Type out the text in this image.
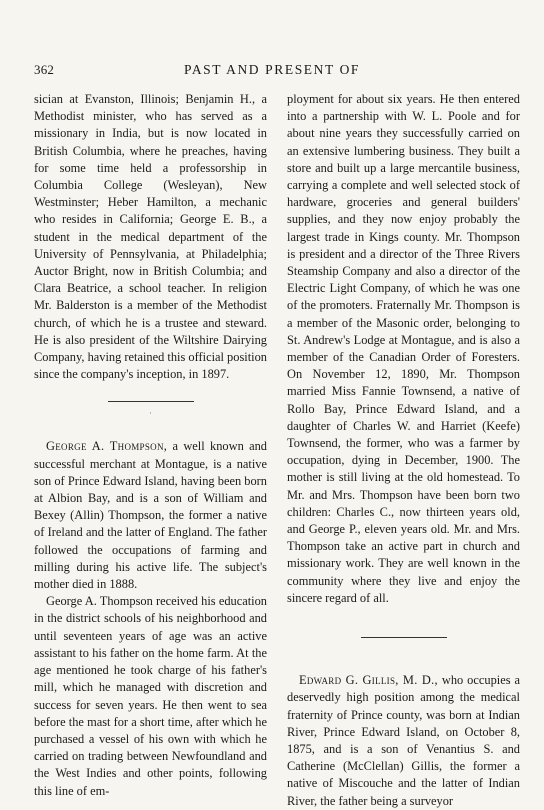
362	PAST AND PRESENT OF

sician at Evanston, Illinois; Benjamin H., a Methodist minister, who has served as a missionary in India, but is now located in British Columbia, where he preaches, having for some time held a professorship in Columbia College (Wesleyan), New Westminster; Heber Hamilton, a mechanic who resides in California; George E. B., a student in the medical department of the University of Pennsylvania, at Philadelphia; Auctor Bright, now in British Columbia; and Clara Beatrice, a school teacher. In religion Mr. Balderston is a member of the Methodist church, of which he is a trustee and steward. He is also president of the Wiltshire Dairying Company, having retained this official position since the company's inception, in 1897.

·

George A. Thompson, a well known and successful merchant at Montague, is a native son of Prince Edward Island, having been born at Albion Bay, and is a son of William and Bexey (Allin) Thompson, the former a native of Ireland and the latter of England. The father followed the occupations of farming and milling during his active life. The subject's mother died in 1888.

George A. Thompson received his education in the district schools of his neighborhood and until seventeen years of age was an active assistant to his father on the home farm. At the age mentioned he took charge of his father's mill, which he managed with discretion and success for seven years. He then went to sea before the mast for a short time, after which he purchased a vessel of his own with which he carried on trading between Newfoundland and the West Indies and other points, following this line of em-

ployment for about six years. He then entered into a partnership with W. L. Poole and for about nine years they successfully carried on an extensive lumbering business. They built a store and built up a large mercantile business, carrying a complete and well selected stock of hardware, groceries and general builders' supplies, and they now enjoy probably the largest trade in Kings county. Mr. Thompson is president and a director of the Three Rivers Steamship Company and also a director of the Electric Light Company, of which he was one of the promoters. Fraternally Mr. Thompson is a member of the Masonic order, belonging to St. Andrew's Lodge at Montague, and is also a member of the Canadian Order of Foresters. On November 12, 1890, Mr. Thompson married Miss Fannie Townsend, a native of Rollo Bay, Prince Edward Island, and a daughter of Charles W. and Harriet (Keefe) Townsend, the former, who was a farmer by occupation, dying in December, 1900. The mother is still living at the old homestead. To Mr. and Mrs. Thompson have been born two children: Charles C., now thirteen years old, and George P., eleven years old. Mr. and Mrs. Thompson take an active part in church and missionary work. They are well known in the community where they live and enjoy the sincere regard of all.

Edward G. Gillis, M. D., who occupies a deservedly high position among the medical fraternity of Prince county, was born at Indian River, Prince Edward Island, on October 8, 1875, and is a son of Venantius S. and Catherine (McClellan) Gillis, the former a native of Miscouche and the latter of Indian River, the father being a surveyor
